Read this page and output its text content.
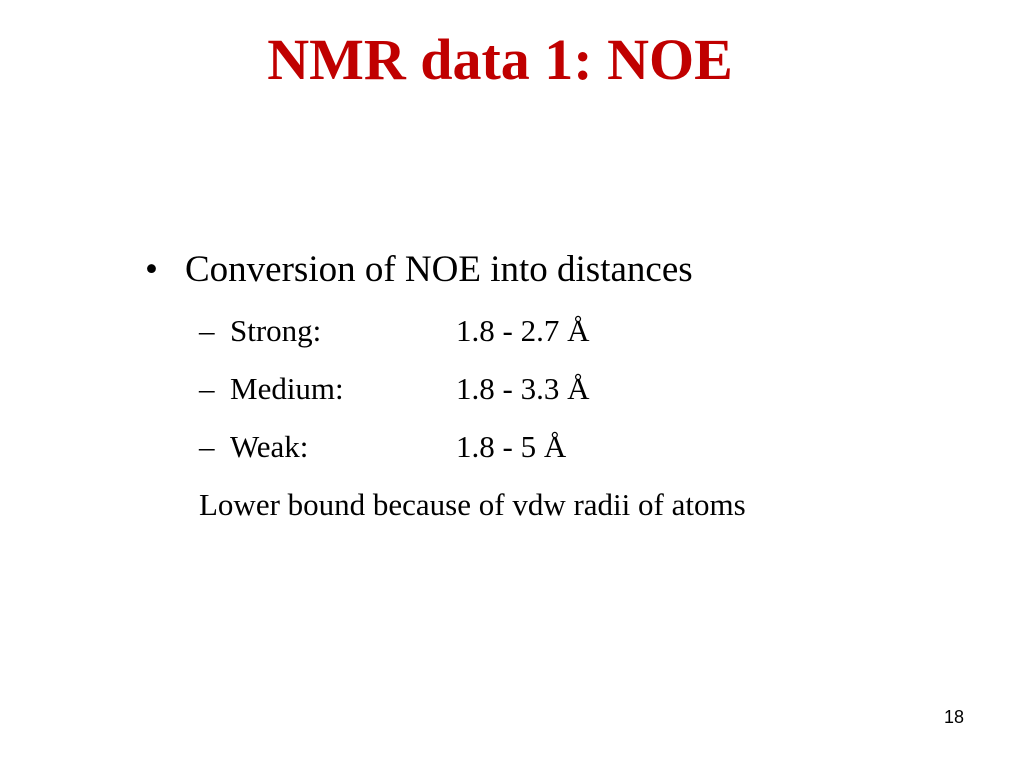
NMR data 1: NOE
• Conversion of NOE into distances
– Strong:	1.8 - 2.7 Å
– Medium:	1.8 - 3.3 Å
– Weak:	1.8 - 5 Å
Lower bound because of vdw radii of atoms
18
